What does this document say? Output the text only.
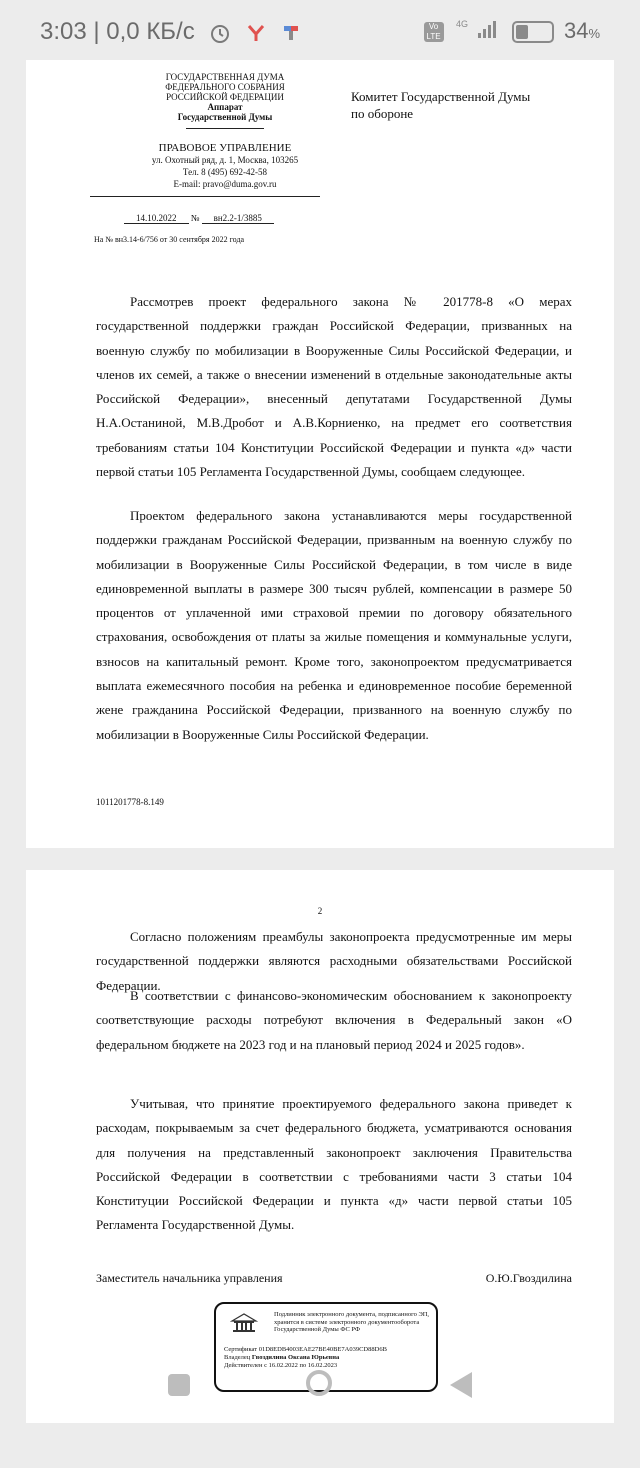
3:03 | 0,0 КБ/с	Vo
LTE
4G
	34%
ГОСУДАРСТВЕННАЯ ДУМА
ФЕДЕРАЛЬНОГО СОБРАНИЯ
РОССИЙСКОЙ ФЕДЕРАЦИИ
Аппарат
Государственной Думы
ПРАВОВОЕ УПРАВЛЕНИЕ
ул. Охотный ряд, д. 1, Москва, 103265
Тел. 8 (495) 692-42-58
E-mail: pravo@duma.gov.ru
14.10.2022 № вн2.2-1/3885
На № вн3.14-6/756 от 30 сентября 2022 года
Комитет Государственной Думы
по обороне

Рассмотрев проект федерального закона № 201778-8 «О мерах государственной поддержки граждан Российской Федерации, призванных на военную службу по мобилизации в Вооруженные Силы Российской Федерации, и членов их семей, а также о внесении изменений в отдельные законодательные акты Российской Федерации», внесенный депутатами Государственной Думы Н.А.Останиной, М.В.Дробот и А.В.Корниенко, на предмет его соответствия требованиям статьи 104 Конституции Российской Федерации и пункта «д» части первой статьи 105 Регламента Государственной Думы, сообщаем следующее.

Проектом федерального закона устанавливаются меры государственной поддержки гражданам Российской Федерации, призванным на военную службу по мобилизации в Вооруженные Силы Российской Федерации, в том числе в виде единовременной выплаты в размере 300 тысяч рублей, компенсации в размере 50 процентов от уплаченной ими страховой премии по договору обязательного страхования, освобождения от платы за жилые помещения и коммунальные услуги, взносов на капитальный ремонт. Кроме того, законопроектом предусматривается выплата ежемесячного пособия на ребенка и единовременное пособие беременной жене гражданина Российской Федерации, призванного на военную службу по мобилизации в Вооруженные Силы Российской Федерации.

1011201778-8.149
2

Согласно положениям преамбулы законопроекта предусмотренные им меры государственной поддержки являются расходными обязательствами Российской Федерации.

В соответствии с финансово-экономическим обоснованием к законопроекту соответствующие расходы потребуют включения в Федеральный закон «О федеральном бюджете на 2023 год и на плановый период 2024 и 2025 годов».

Учитывая, что принятие проектируемого федерального закона приведет к расходам, покрываемым за счет федерального бюджета, усматриваются основания для получения на представленный законопроект заключения Правительства Российской Федерации в соответствии с требованиями части 3 статьи 104 Конституции Российской Федерации и пункта «д» части первой статьи 105 Регламента Государственной Думы.

Заместитель начальника управления	О.Ю.Гвоздилина
Подлинник электронного документа, подписанного ЭП, хранится в системе электронного документооборота Государственной Думы ФС РФ
Сертификат 01D8EDB4003EAE27BE40BE7A039CD88D6B
Владелец Гвоздилина Оксана Юрьевна
Действителен с 16.02.2022 по 16.02.2023
